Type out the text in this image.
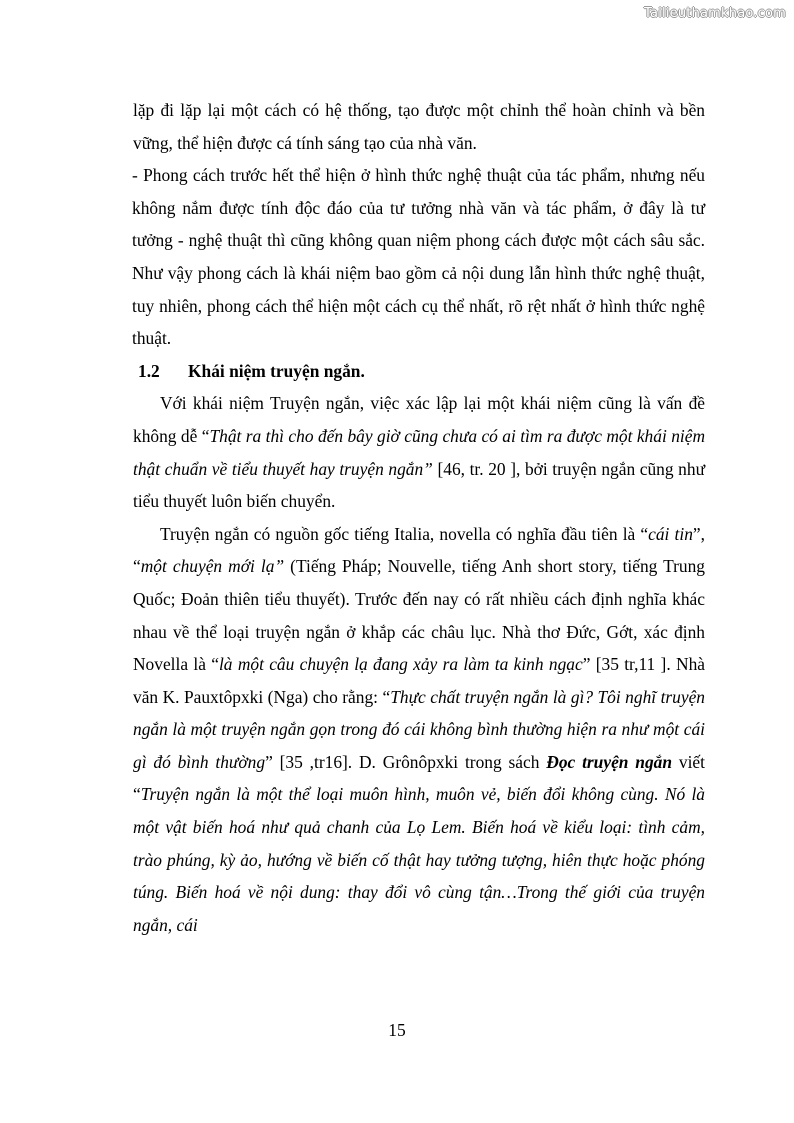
Tailieuthamkhao.com

lặp đi lặp lại một cách có hệ thống, tạo được một chỉnh thể hoàn chỉnh và bền vững, thể hiện được cá tính sáng tạo của nhà văn.

- Phong cách trước hết thể hiện ở hình thức nghệ thuật của tác phẩm, nhưng nếu không nắm được tính độc đáo của tư tưởng nhà văn và tác phẩm, ở đây là tư tưởng - nghệ thuật thì cũng không quan niệm phong cách được một cách sâu sắc. Như vậy phong cách là khái niệm bao gồm cả nội dung lẫn hình thức nghệ thuật, tuy nhiên, phong cách thể hiện một cách cụ thể nhất, rõ rệt nhất ở hình thức nghệ thuật.

1.2 Khái niệm truyện ngắn.

Với khái niệm Truyện ngắn, việc xác lập lại một khái niệm cũng là vấn đề không dễ “Thật ra thì cho đến bây giờ cũng chưa có ai tìm ra được một khái niệm thật chuẩn về tiểu thuyết hay truyện ngắn” [46, tr. 20 ], bởi truyện ngắn cũng như tiểu thuyết luôn biến chuyển.

Truyện ngắn có nguồn gốc tiếng Italia, novella có nghĩa đầu tiên là “cái tin”, “một chuyện mới lạ” (Tiếng Pháp; Nouvelle, tiếng Anh short story, tiếng Trung Quốc; Đoản thiên tiểu thuyết). Trước đến nay có rất nhiều cách định nghĩa khác nhau về thể loại truyện ngắn ở khắp các châu lục. Nhà thơ Đức, Gớt, xác định Novella là “là một câu chuyện lạ đang xảy ra làm ta kinh ngạc” [35 tr,11 ]. Nhà văn K. Pauxtôpxki (Nga) cho rằng: “Thực chất truyện ngắn là gì? Tôi nghĩ truyện ngắn là một truyện ngắn gọn trong đó cái không bình thường hiện ra như một cái gì đó bình thường” [35 ,tr16]. D. Grônôpxki trong sách Đọc truyện ngắn viết “Truyện ngắn là một thể loại muôn hình, muôn vẻ, biến đổi không cùng. Nó là một vật biến hoá như quả chanh của Lọ Lem. Biến hoá về kiểu loại: tình cảm, trào phúng, kỳ ảo, hướng về biến cố thật hay tưởng tượng, hiên thực hoặc phóng túng. Biến hoá về nội dung: thay đổi vô cùng tận…Trong thế giới của truyện ngắn, cái

15
